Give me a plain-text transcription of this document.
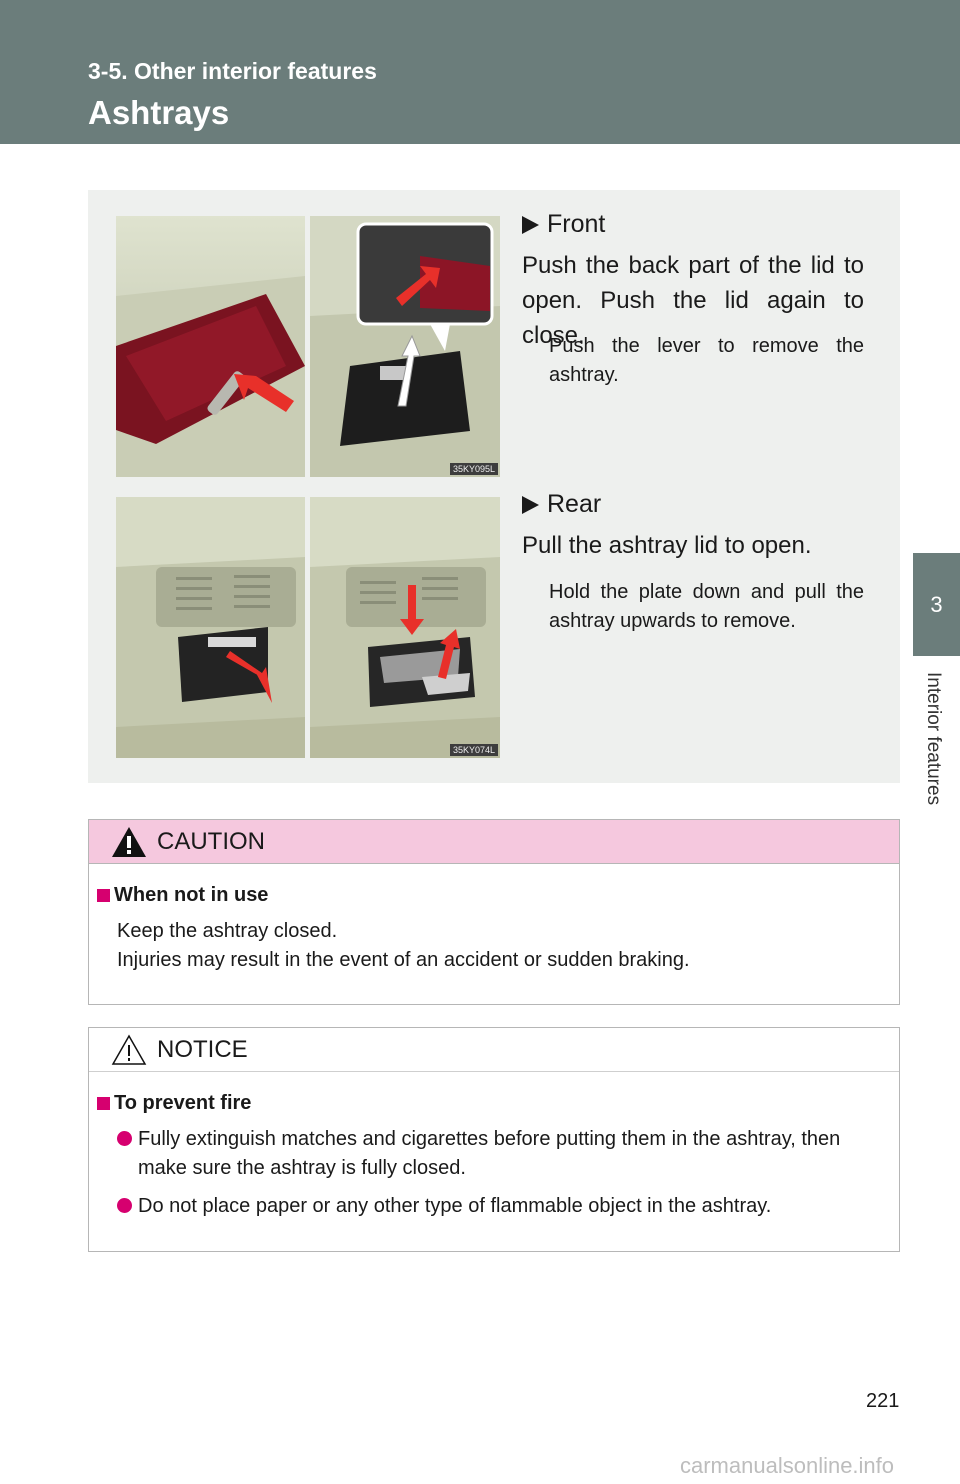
3-5. Other interior features
Ashtrays
3
Interior features
35KY095L
35KY074L
Front
Push the back part of the lid to open. Push the lid again to close.
Push the lever to remove the ashtray.
Rear
Pull the ashtray lid to open.
Hold the plate down and pull the ashtray upwards to remove.
CAUTION
When not in use
Keep the ashtray closed.
Injuries may result in the event of an accident or sudden braking.
NOTICE
To prevent fire
Fully extinguish matches and cigarettes before putting them in the ashtray, then make sure the ashtray is fully closed.
Do not place paper or any other type of flammable object in the ashtray.
221
carmanualsonline.info
